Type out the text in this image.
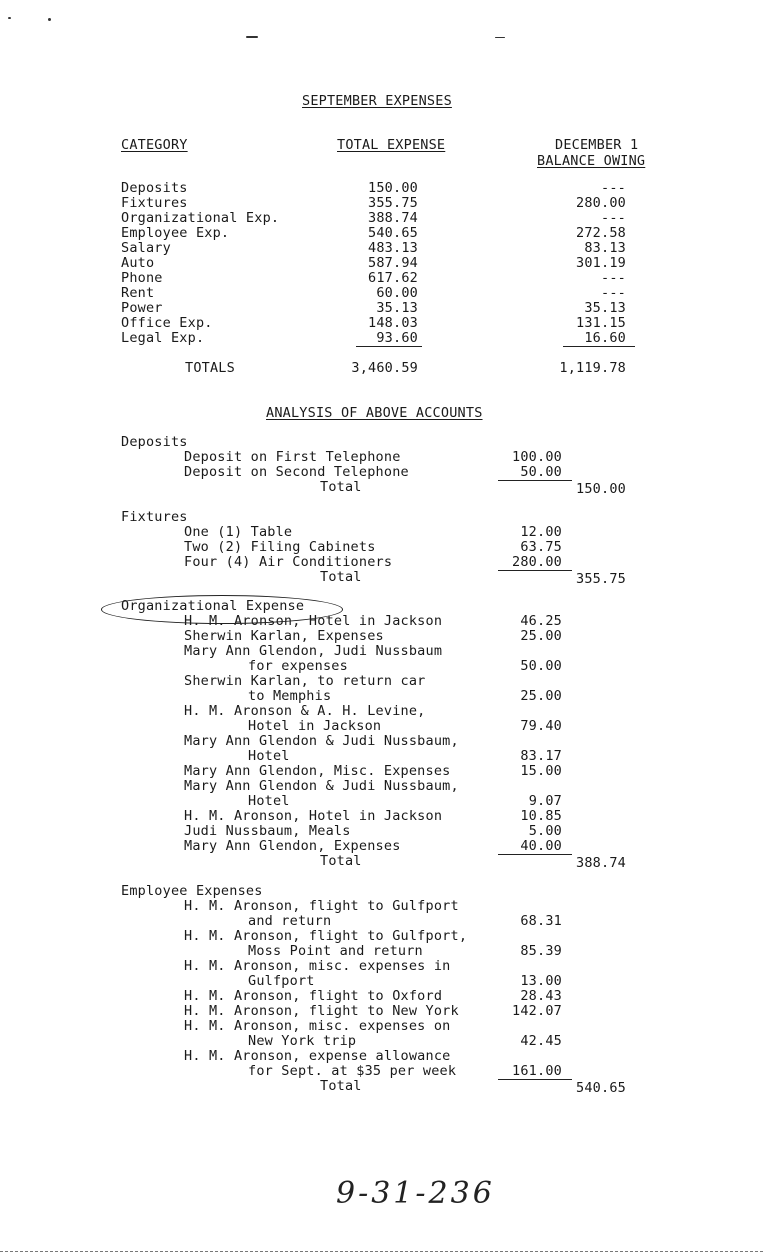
SEPTEMBER EXPENSES
CATEGORY	TOTAL EXPENSE	DECEMBER 1
BALANCE OWING
Deposits	150.00	---
Fixtures	355.75	280.00
Organizational Exp.	388.74	---
Employee Exp.	540.65	272.58
Salary	483.13	83.13
Auto	587.94	301.19
Phone	617.62	---
Rent	60.00	---
Power	35.13	35.13
Office Exp.	148.03	131.15
Legal Exp.	93.60	16.60
TOTALS	3,460.59	1,119.78
ANALYSIS OF ABOVE ACCOUNTS
Deposits
Deposit on First Telephone	100.00
Deposit on Second Telephone	50.00
Total	150.00
Fixtures
One (1) Table	12.00
Two (2) Filing Cabinets	63.75
Four (4) Air Conditioners	280.00
Total	355.75
Organizational Expense
H. M. Aronson, Hotel in Jackson	46.25
Sherwin Karlan, Expenses	25.00
Mary Ann Glendon, Judi Nussbaum
for expenses	50.00
Sherwin Karlan, to return car
to Memphis	25.00
H. M. Aronson & A. H. Levine,
Hotel in Jackson	79.40
Mary Ann Glendon & Judi Nussbaum,
Hotel	83.17
Mary Ann Glendon, Misc. Expenses	15.00
Mary Ann Glendon & Judi Nussbaum,
Hotel	9.07
H. M. Aronson, Hotel in Jackson	10.85
Judi Nussbaum, Meals	5.00
Mary Ann Glendon, Expenses	40.00
Total	388.74
Employee Expenses
H. M. Aronson, flight to Gulfport
and return	68.31
H. M. Aronson, flight to Gulfport,
Moss Point and return	85.39
H. M. Aronson, misc. expenses in
Gulfport	13.00
H. M. Aronson, flight to Oxford	28.43
H. M. Aronson, flight to New York	142.07
H. M. Aronson, misc. expenses on
New York trip	42.45
H. M. Aronson, expense allowance
for Sept. at $35 per week	161.00
Total	540.65
9-31-236
